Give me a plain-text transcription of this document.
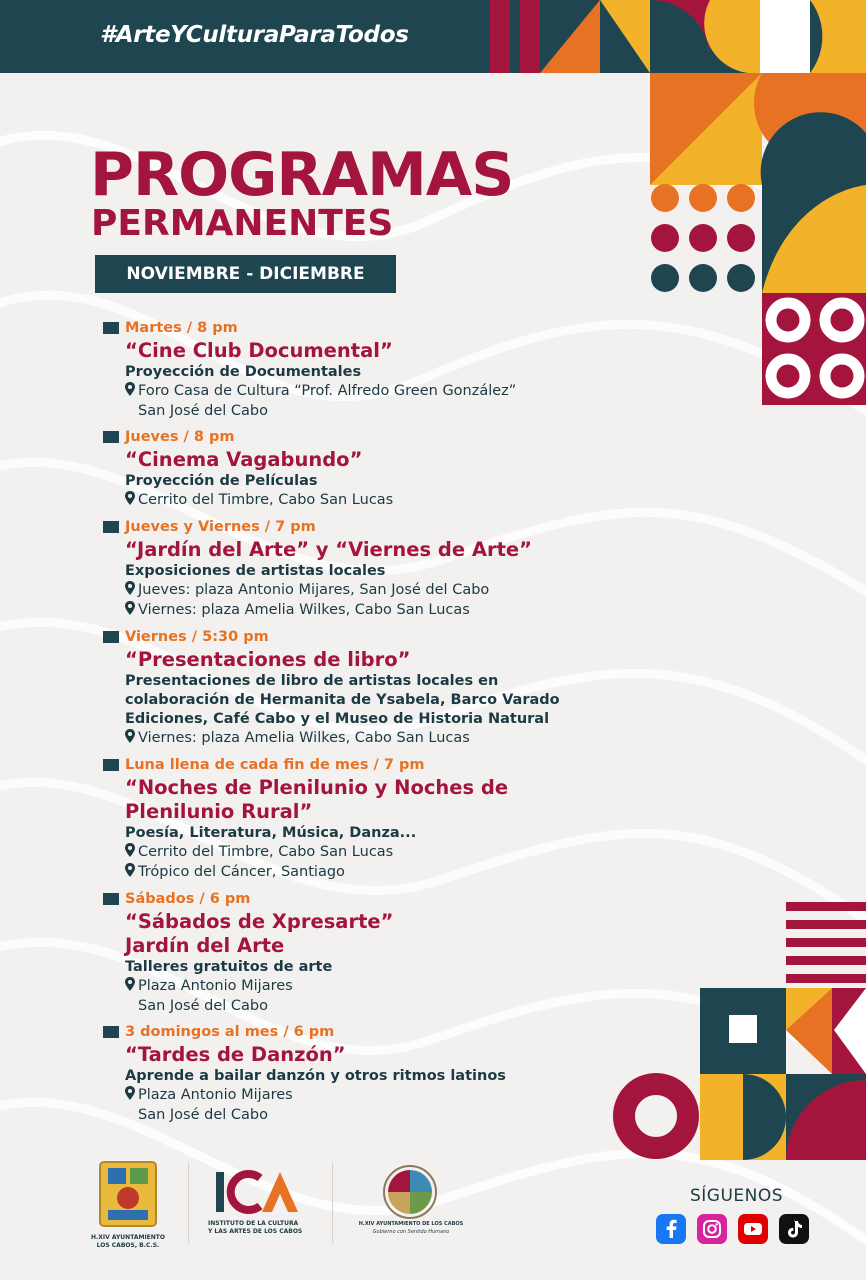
#ArteYCulturaParaTodos
PROGRAMAS
PERMANENTES
NOVIEMBRE - DICIEMBRE
Martes / 8 pm
“Cine Club Documental”
Proyección de Documentales
Foro Casa de Cultura “Prof. Alfredo Green González”
San José del Cabo
Jueves / 8 pm
“Cinema Vagabundo”
Proyección de Películas
Cerrito del Timbre, Cabo San Lucas
Jueves y Viernes / 7 pm
“Jardín del Arte” y “Viernes de Arte”
Exposiciones de artistas locales
Jueves: plaza Antonio Mijares, San José del Cabo
Viernes: plaza Amelia Wilkes, Cabo San Lucas
Viernes / 5:30 pm
“Presentaciones de libro”
Presentaciones de libro de artistas locales en
colaboración de Hermanita de Ysabela, Barco Varado
Ediciones, Café Cabo y el Museo de Historia Natural
Viernes: plaza Amelia Wilkes, Cabo San Lucas
Luna llena de cada fin de mes / 7 pm
“Noches de Plenilunio y Noches de Plenilunio Rural”
Poesía, Literatura, Música, Danza...
Cerrito del Timbre, Cabo San Lucas
Trópico del Cáncer, Santiago
Sábados / 6 pm
“Sábados de Xpresarte” Jardín del Arte
Talleres gratuitos de arte
Plaza Antonio Mijares
San José del Cabo
3 domingos al mes / 6 pm
“Tardes de Danzón”
Aprende a bailar danzón y otros ritmos latinos
Plaza Antonio Mijares
San José del Cabo
H.XIV AYUNTAMIENTO
LOS CABOS, B.C.S.
INSTITUTO DE LA CULTURA
Y LAS ARTES DE LOS CABOS
H.XIV AYUNTAMIENTO DE LOS CABOS
Gobierno con Sentido Humano
SÍGUENOS
